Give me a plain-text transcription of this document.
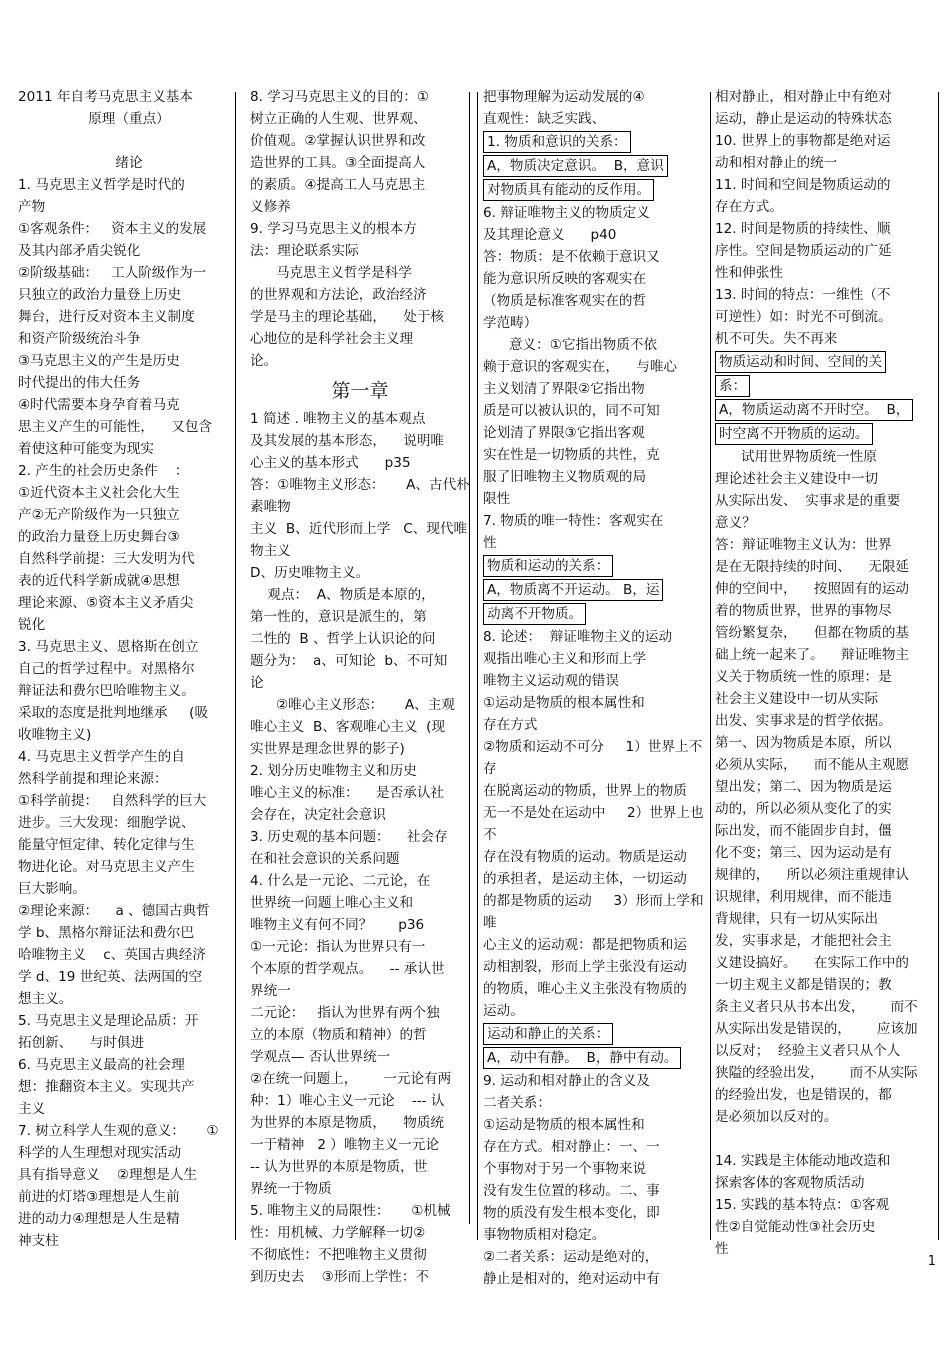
2011 年自考马克思主义基本

原理（重点）

绪论

1. 马克思主义哲学是时代的

产物

①客观条件：   资本主义的发展

及其内部矛盾尖锐化

②阶级基础：   工人阶级作为一

只独立的政治力量登上历史

舞台，进行反对资本主义制度

和资产阶级统治斗争

③马克思主义的产生是历史

时代提出的伟大任务

④时代需要本身孕育着马克

思主义产生的可能性，    又包含

着使这种可能变为现实

2. 产生的社会历史条件    ：

①近代资本主义社会化大生

产②无产阶级作为一只独立

的政治力量登上历史舞台③

自然科学前提：三大发明为代

表的近代科学新成就④思想

理论来源、⑤资本主义矛盾尖

锐化

3. 马克思主义、恩格斯在创立

自己的哲学过程中。对黑格尔

辩证法和费尔巴哈唯物主义。

采取的态度是批判地继承     (吸

收唯物主义)

4. 马克思主义哲学产生的自

然科学前提和理论来源：

①科学前提：   自然科学的巨大

进步。三大发现：细胞学说、

能量守恒定律、转化定律与生

物进化论。对马克思主义产生

巨大影响。

②理论来源：    a 、德国古典哲

学 b、黑格尔辩证法和费尔巴

哈唯物主义    c、英国古典经济

学 d、19 世纪英、法两国的空

想主义。

5. 马克思主义是理论品质：开

拓创新、    与时俱进

6. 马克思主义最高的社会理

想：推翻资本主义。实现共产

主义

7. 树立科学人生观的意义：     ①

科学的人生理想对现实活动

具有指导意义    ②理想是人生

前进的灯塔③理想是人生前

进的动力④理想是人生是精

神支柱

8. 学习马克思主义的目的：①

树立正确的人生观、世界观、

价值观。②掌握认识世界和改

造世界的工具。③全面提高人

的素质。④提高工人马克思主

义修养

9. 学习马克思主义的根本方

法：理论联系实际

马克思主义哲学是科学

的世界观和方法论，政治经济

学是马主的理论基础，    处于核

心地位的是科学社会主义理

论。

第一章

1 简述 . 唯物主义的基本观点

及其发展的基本形态，    说明唯

心主义的基本形式      p35

答：①唯物主义形态：     A、古代朴素唯物

主义  B、近代形而上学   C、现代唯物主义

D、历史唯物主义。

观点：  A、物质是本原的，

第一性的，意识是派生的，第

二性的  B 、哲学上认识论的问

题分为：  a、可知论  b、不可知

论

②唯心主义形态：     A、主观

唯心主义  B、客观唯心主义  (现

实世界是理念世界的影子)

2. 划分历史唯物主义和历史

唯心主义的标准：    是否承认社

会存在，决定社会意识

3. 历史观的基本问题：    社会存

在和社会意识的关系问题

4. 什么是一元论、二元论，在

世界统一问题上唯心主义和

唯物主义有何不同？      p36

①一元论：指认为世界只有一

个本原的哲学观点。    -- 承认世

界统一

二元论：   指认为世界有两个独

立的本原（物质和精神）的哲

学观点— 否认世界统一

②在统一问题上，      一元论有两

种：1）唯心主义一元论    --- 认

为世界的本原是物质，    物质统

一于精神   2 ）唯物主义一元论

-- 认为世界的本原是物质，世

界统一于物质

5. 唯物主义的局限性：     ①机械

性：用机械、力学解释一切②

不彻底性：不把唯物主义贯彻

到历史去    ③形而上学性：不

把事物理解为运动发展的④

直观性：缺乏实践、

1. 物质和意识的关系：

A，物质决定意识。  B，意识

对物质具有能动的反作用。

6. 辩证唯物主义的物质定义

及其理论意义      p40

答：物质：是不依赖于意识又

能为意识所反映的客观实在

（物质是标准客观实在的哲

学范畴）

意义：①它指出物质不依

赖于意识的客观实在，    与唯心

主义划清了界限②它指出物

质是可以被认识的，同不可知

论划清了界限③它指出客观

实在性是一切物质的共性，克

服了旧唯物主义物质观的局

限性

7. 物质的唯一特性：客观实在

性

物质和运动的关系：

A，物质离不开运动。 B，运

动离不开物质。

8. 论述：  辩证唯物主义的运动

观指出唯心主义和形而上学

唯物主义运动观的错误

①运动是物质的根本属性和

存在方式

②物质和运动不可分     1）世界上不存

在脱离运动的物质，世界上的物质

无一不是处在运动中     2）世界上也不

存在没有物质的运动。物质是运动

的承担者，是运动主体，一切运动

的都是物质的运动     3）形而上学和唯

心主义的运动观：都是把物质和运

动相割裂，形而上学主张没有运动

的物质，唯心主义主张没有物质的

运动。

运动和静止的关系：

A，动中有静。  B，静中有动。

9. 运动和相对静止的含义及

二者关系：

①运动是物质的根本属性和

存在方式。相对静止：一、一

个事物对于另一个事物来说

没有发生位置的移动。二、事

物的质没有发生根本变化，即

事物物质相对稳定。

②二者关系：运动是绝对的，

静止是相对的，绝对运动中有

相对静止，相对静止中有绝对

运动，静止是运动的特殊状态

10. 世界上的事物都是绝对运

动和相对静止的统一

11. 时间和空间是物质运动的

存在方式。

12. 时间是物质的持续性、顺

序性。空间是物质运动的广延

性和伸张性

13. 时间的特点：一维性（不

可逆性）如：时光不可倒流。

机不可失。失不再来

物质运动和时间、空间的关

系：

A，物质运动离不开时空。  B，

时空离不开物质的运动。

试用世界物质统一性原

理论述社会主义建设中一切

从实际出发、  实事求是的重要

意义？

答：辩证唯物主义认为：世界

是在无限持续的时间、    无限延

伸的空间中，    按照固有的运动

着的物质世界，世界的事物尽

管纷繁复杂，    但都在物质的基

础上统一起来了。    辩证唯物主

义关于物质统一性的原理：是

社会主义建设中一切从实际

出发、实事求是的哲学依据。

第一、因为物质是本原，所以

必须从实际，    而不能从主观愿

望出发；第二、因为物质是运

动的，所以必须从变化了的实

际出发，而不能固步自封，僵

化不变；第三、因为运动是有

规律的，    所以必须注重规律认

识规律，利用规律，而不能违

背规律，只有一切从实际出

发，实事求是，才能把社会主

义建设搞好。    在实际工作中的

一切主观主义都是错误的；教

条主义者只从书本出发，      而不

从实际出发是错误的，      应该加

以反对；  经验主义者只从个人

狭隘的经验出发，      而不从实际

的经验出发，也是错误的，都

是必须加以反对的。

14. 实践是主体能动地改造和

探索客体的客观物质活动

15. 实践的基本特点：①客观

性②自觉能动性③社会历史

性

1
